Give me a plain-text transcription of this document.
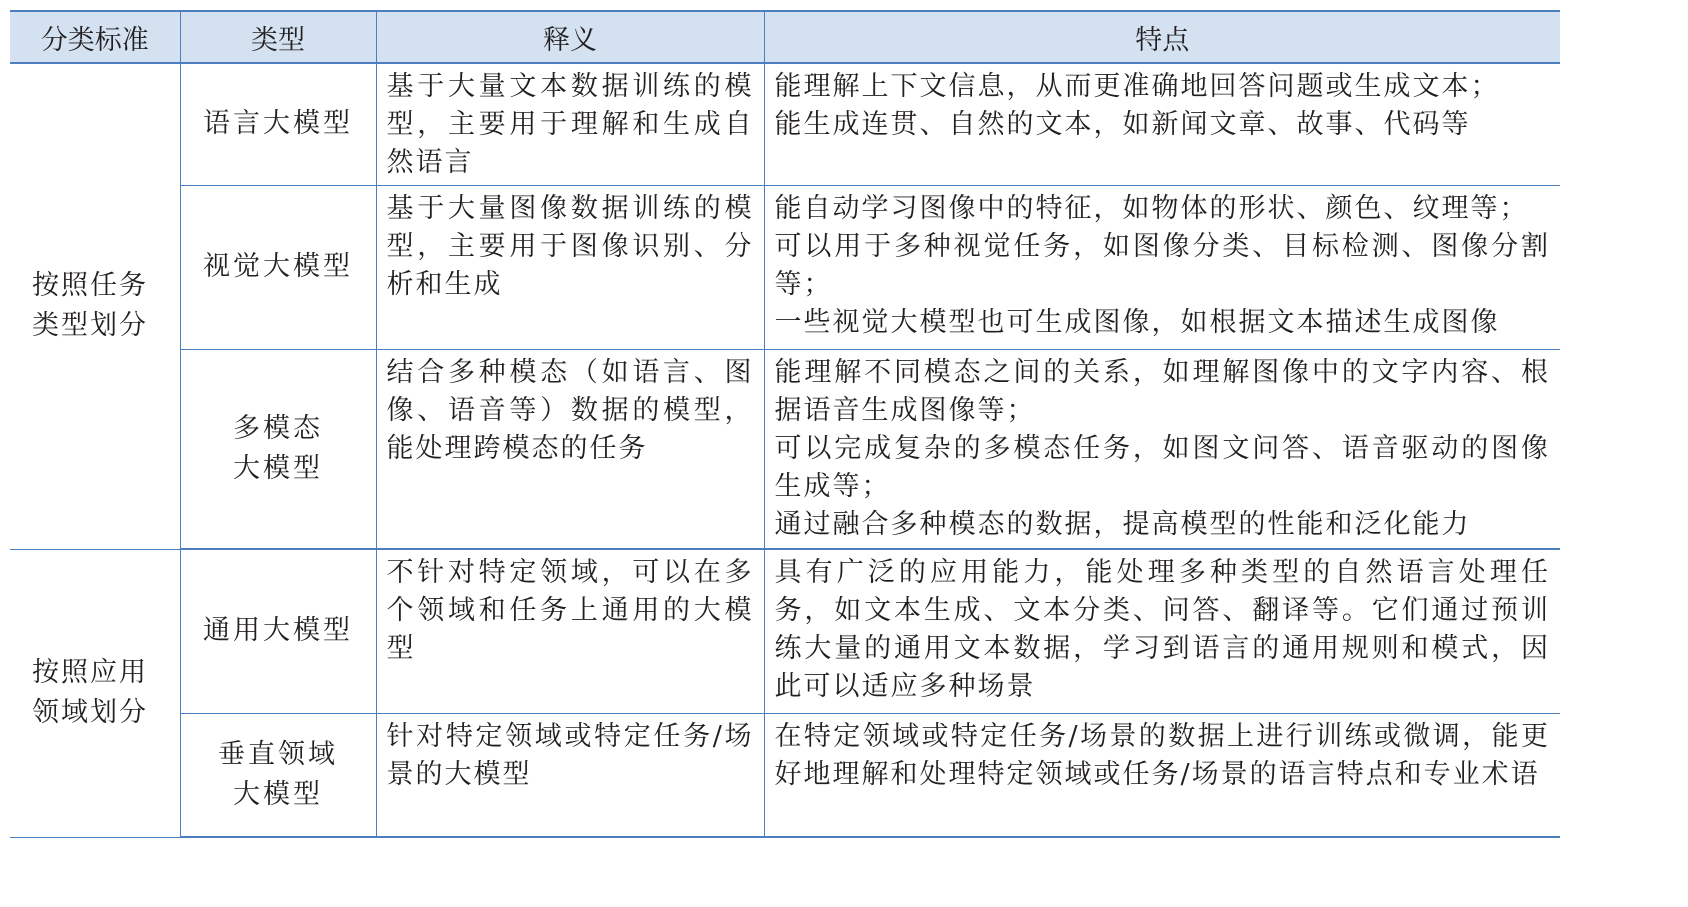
分类标准	类型	释义	特点

按照任务类型划分	语言大模型	基于大量文本数据训练的模型，主要用于理解和生成自然语言	能理解上下文信息，从而更准确地回答问题或生成文本；
能生成连贯、自然的文本，如新闻文章、故事、代码等

	视觉大模型	基于大量图像数据训练的模型，主要用于图像识别、分析和生成	能自动学习图像中的特征，如物体的形状、颜色、纹理等；
可以用于多种视觉任务，如图像分类、目标检测、图像分割等；
一些视觉大模型也可生成图像，如根据文本描述生成图像

	多模态大模型	结合多种模态（如语言、图像、语音等）数据的模型，能处理跨模态的任务	能理解不同模态之间的关系，如理解图像中的文字内容、根据语音生成图像等；
可以完成复杂的多模态任务，如图文问答、语音驱动的图像生成等；
通过融合多种模态的数据，提高模型的性能和泛化能力

按照应用领域划分	通用大模型	不针对特定领域，可以在多个领域和任务上通用的大模型	具有广泛的应用能力，能处理多种类型的自然语言处理任务，如文本生成、文本分类、问答、翻译等。它们通过预训练大量的通用文本数据，学习到语言的通用规则和模式，因此可以适应多种场景

	垂直领域大模型	针对特定领域或特定任务/场景的大模型	在特定领域或特定任务/场景的数据上进行训练或微调，能更好地理解和处理特定领域或任务/场景的语言特点和专业术语
